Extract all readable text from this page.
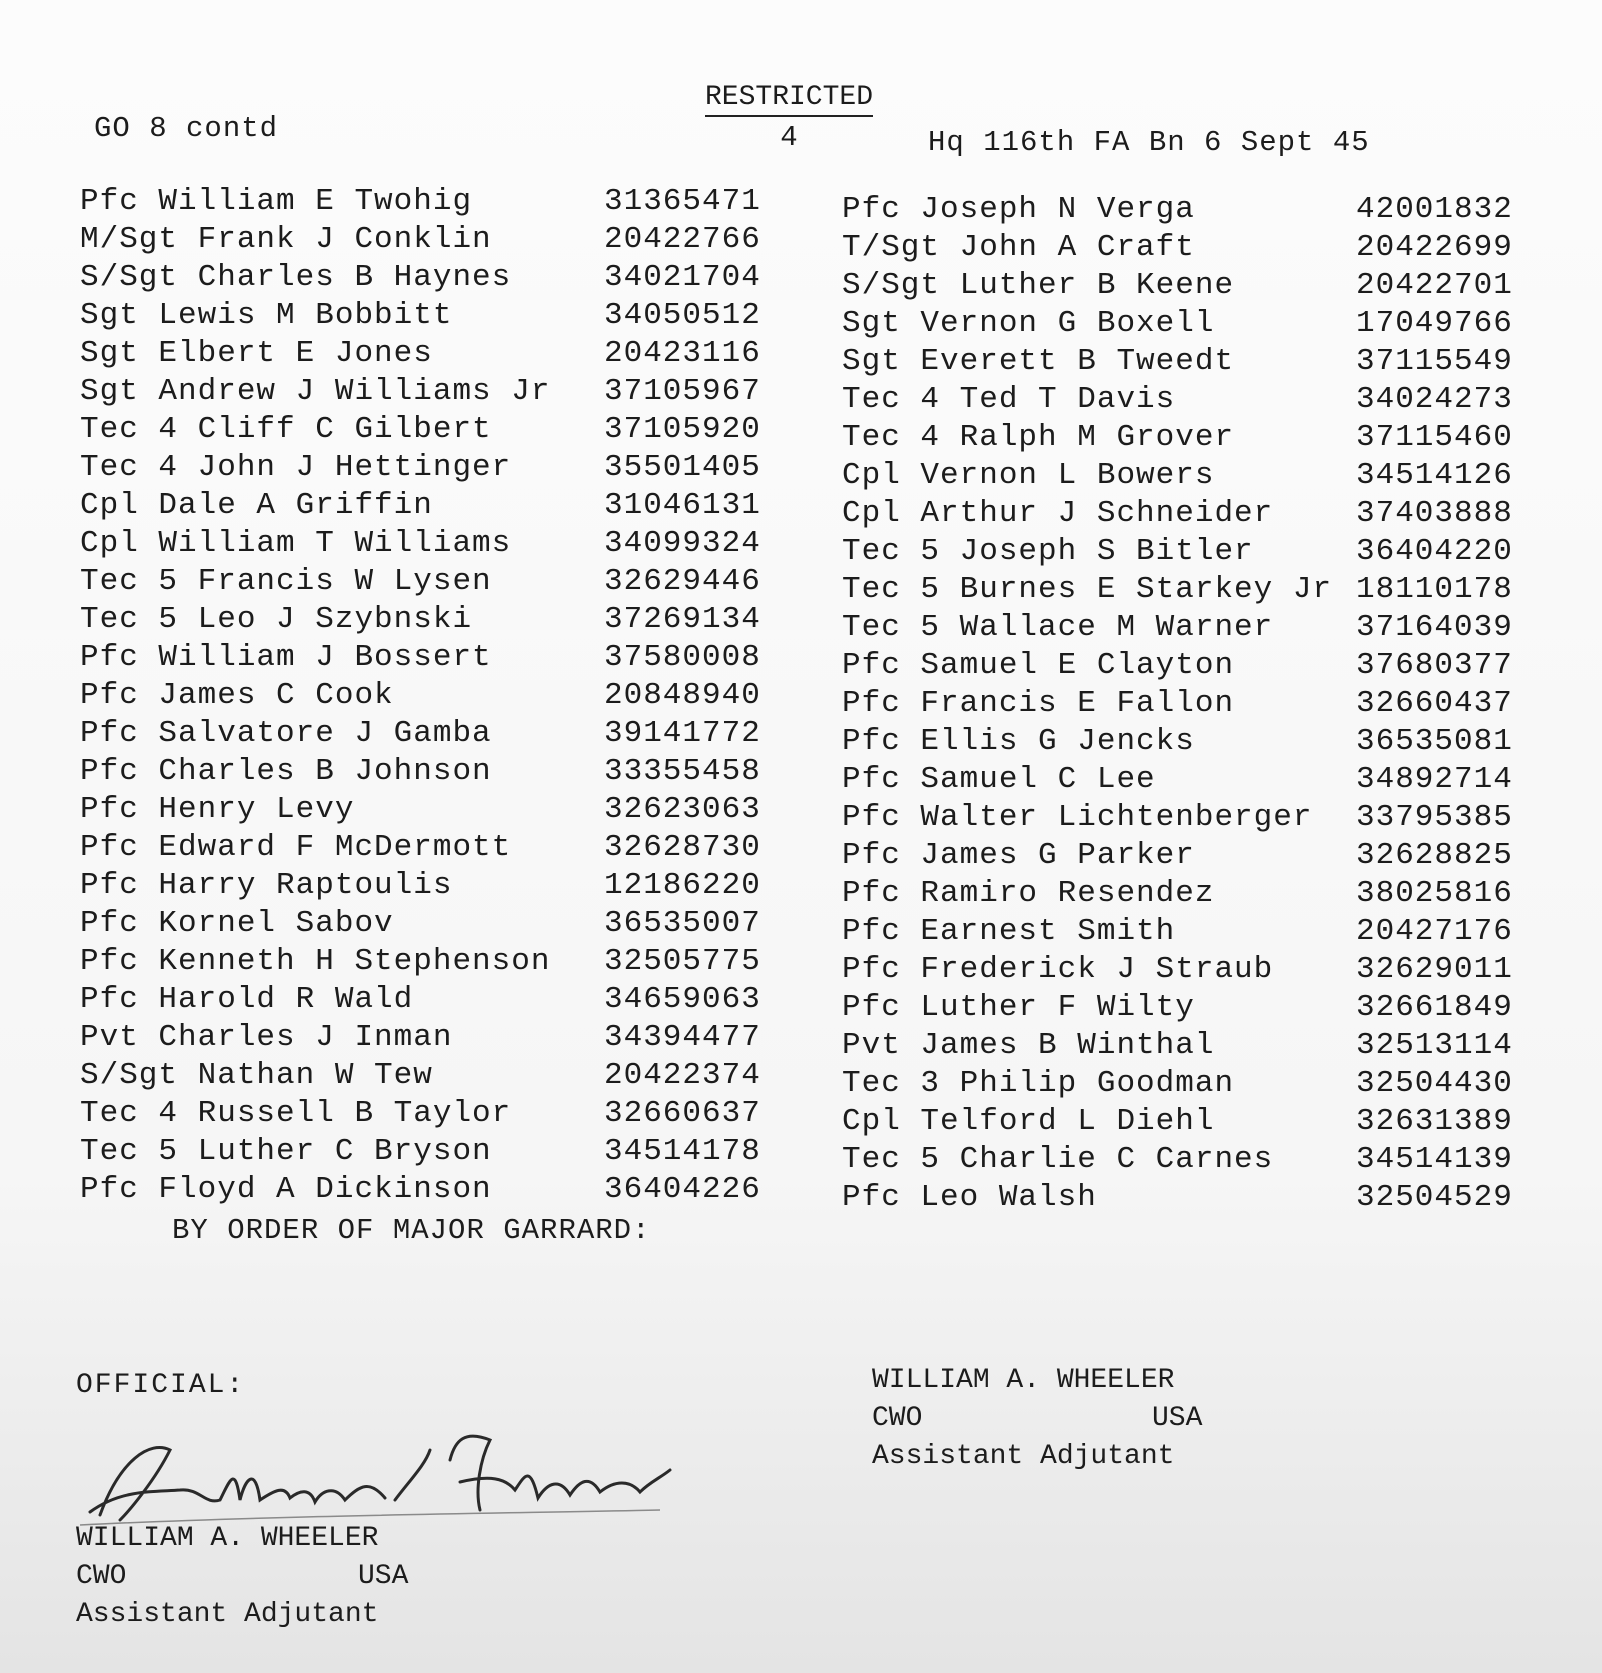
GO 8 contd
RESTRICTED
4	Hq 116th FA Bn 6 Sept 45
Pfc William E Twohig	31365471
M/Sgt Frank J Conklin	20422766
S/Sgt Charles B Haynes	34021704
Sgt Lewis M Bobbitt	34050512
Sgt Elbert E Jones	20423116
Sgt Andrew J Williams Jr 37105967
Tec 4 Cliff C Gilbert	37105920
Tec 4 John J Hettinger	35501405
Cpl Dale A Griffin	31046131
Cpl William T Williams	34099324
Tec 5 Francis W Lysen	32629446
Tec 5 Leo J Szybnski	37269134
Pfc William J Bossert	37580008
Pfc James C Cook	20848940
Pfc Salvatore J Gamba	39141772
Pfc Charles B Johnson	33355458
Pfc Henry Levy	32623063
Pfc Edward F McDermott	32628730
Pfc Harry Raptoulis	12186220
Pfc Kornel Sabov	36535007
Pfc Kenneth H Stephenson 32505775
Pfc Harold R Wald	34659063
Pvt Charles J Inman	34394477
S/Sgt Nathan W Tew	20422374
Tec 4 Russell B Taylor	32660637
Tec 5 Luther C Bryson	34514178
Pfc Floyd A Dickinson	36404226
Pfc Joseph N Verga	42001832
T/Sgt John A Craft	20422699
S/Sgt Luther B Keene	20422701
Sgt Vernon G Boxell	17049766
Sgt Everett B Tweedt	37115549
Tec 4 Ted T Davis	34024273
Tec 4 Ralph M Grover	37115460
Cpl Vernon L Bowers	34514126
Cpl Arthur J Schneider	37403888
Tec 5 Joseph S Bitler	36404220
Tec 5 Burnes E Starkey Jr 18110178
Tec 5 Wallace M Warner	37164039
Pfc Samuel E Clayton	37680377
Pfc Francis E Fallon	32660437
Pfc Ellis G Jencks	36535081
Pfc Samuel C Lee	34892714
Pfc Walter Lichtenberger 33795385
Pfc James G Parker	32628825
Pfc Ramiro Resendez	38025816
Pfc Earnest Smith	20427176
Pfc Frederick J Straub	32629011
Pfc Luther F Wilty	32661849
Pvt James B Winthal	32513114
Tec 3 Philip Goodman	32504430
Cpl Telford L Diehl	32631389
Tec 5 Charlie C Carnes	34514139
Pfc Leo Walsh	32504529
BY ORDER OF MAJOR GARRARD:
WILLIAM A. WHEELER
CWO	USA
Assistant Adjutant
OFFICIAL:
WILLIAM A. WHEELER
CWO	USA
Assistant Adjutant
